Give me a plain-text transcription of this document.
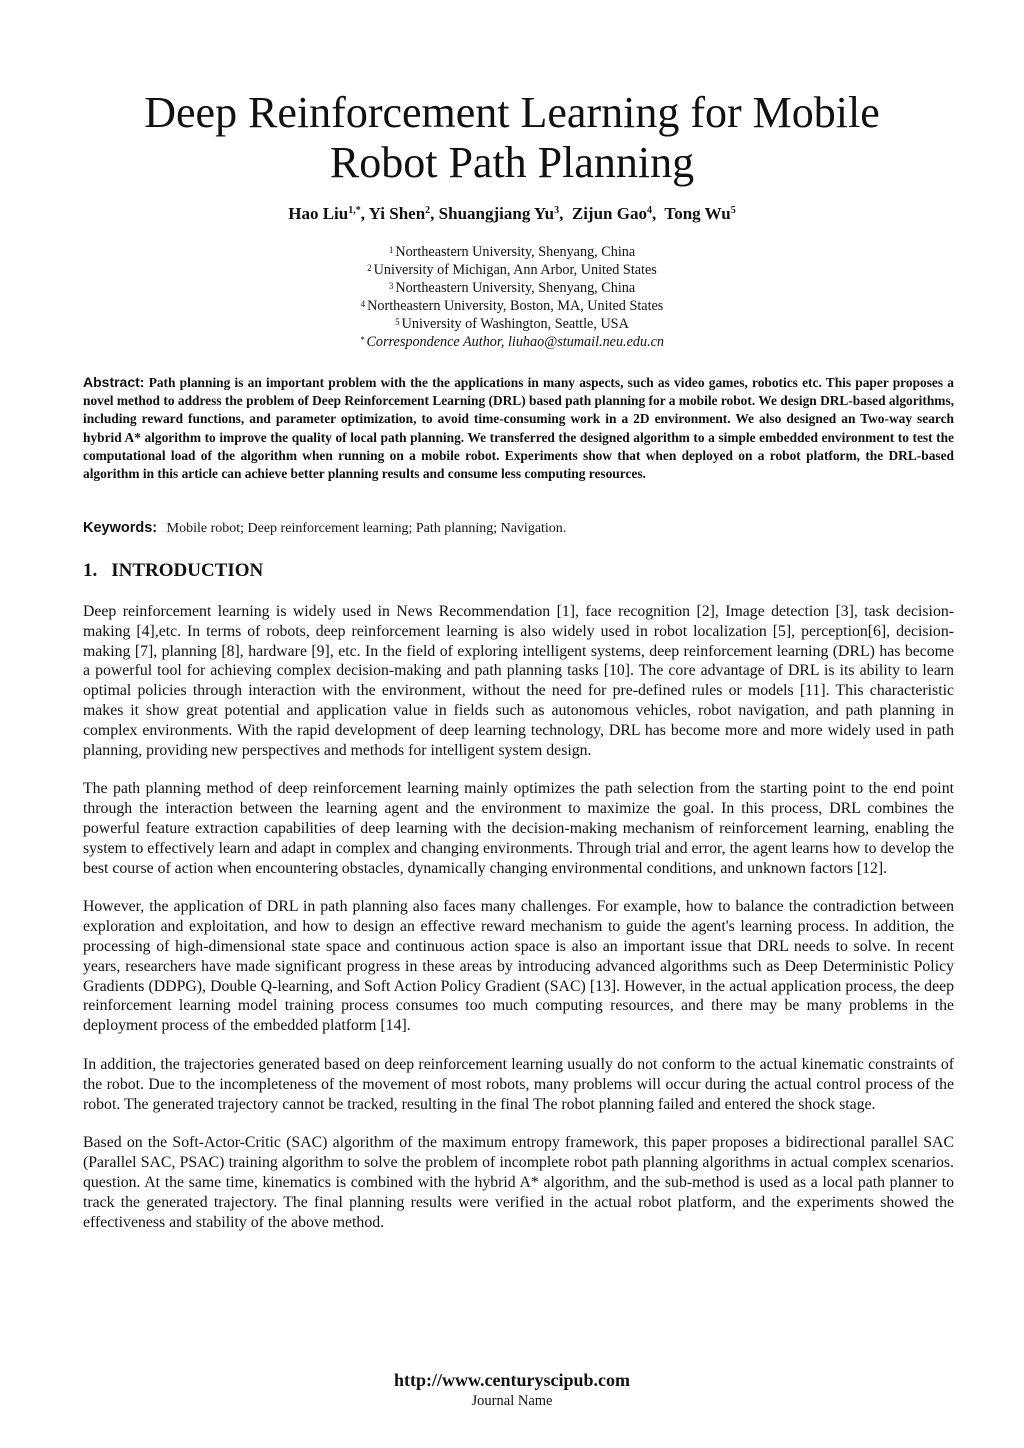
Deep Reinforcement Learning for Mobile
Robot Path Planning
Hao Liu$^{1,*}$, Yi Shen$^2$, Shuangjiang Yu$^3$,  Zijun Gao$^4$,  Tong Wu$^5$
$^1$ Northeastern University, Shenyang, China
$^2$ University of Michigan, Ann Arbor, United States
$^3$ Northeastern University, Shenyang, China
$^4$ Northeastern University, Boston, MA, United States
$^5$ University of Washington, Seattle, USA
* Correspondence Author, liuhao@stumail.neu.edu.cn
Abstract: Path planning is an important problem with the the applications in many aspects, such as video games, robotics etc. This paper proposes a novel method to address the problem of Deep Reinforcement Learning (DRL) based path planning for a mobile robot. We design DRL-based algorithms, including reward functions, and parameter optimization, to avoid time-consuming work in a 2D environment. We also designed an Two-way search hybrid A* algorithm to improve the quality of local path planning. We transferred the designed algorithm to a simple embedded environment to test the computational load of the algorithm when running on a mobile robot. Experiments show that when deployed on a robot platform, the DRL-based algorithm in this article can achieve better planning results and consume less computing resources.
Keywords: Mobile robot; Deep reinforcement learning; Path planning; Navigation.
1. INTRODUCTION

Deep reinforcement learning is widely used in News Recommendation [1], face recognition [2], Image detection [3], task decision-making [4],etc. In terms of robots, deep reinforcement learning is also widely used in robot localization [5], perception[6], decision-making [7], planning [8], hardware [9], etc. In the field of exploring intelligent systems, deep reinforcement learning (DRL) has become a powerful tool for achieving complex decision-making and path planning tasks [10]. The core advantage of DRL is its ability to learn optimal policies through interaction with the environment, without the need for pre-defined rules or models [11]. This characteristic makes it show great potential and application value in fields such as autonomous vehicles, robot navigation, and path planning in complex environments. With the rapid development of deep learning technology, DRL has become more and more widely used in path planning, providing new perspectives and methods for intelligent system design.

The path planning method of deep reinforcement learning mainly optimizes the path selection from the starting point to the end point through the interaction between the learning agent and the environment to maximize the goal. In this process, DRL combines the powerful feature extraction capabilities of deep learning with the decision-making mechanism of reinforcement learning, enabling the system to effectively learn and adapt in complex and changing environments. Through trial and error, the agent learns how to develop the best course of action when encountering obstacles, dynamically changing environmental conditions, and unknown factors [12].

However, the application of DRL in path planning also faces many challenges. For example, how to balance the contradiction between exploration and exploitation, and how to design an effective reward mechanism to guide the agent's learning process. In addition, the processing of high-dimensional state space and continuous action space is also an important issue that DRL needs to solve. In recent years, researchers have made significant progress in these areas by introducing advanced algorithms such as Deep Deterministic Policy Gradients (DDPG), Double Q-learning, and Soft Action Policy Gradient (SAC) [13]. However, in the actual application process, the deep reinforcement learning model training process consumes too much computing resources, and there may be many problems in the deployment process of the embedded platform [14].

In addition, the trajectories generated based on deep reinforcement learning usually do not conform to the actual kinematic constraints of the robot. Due to the incompleteness of the movement of most robots, many problems will occur during the actual control process of the robot. The generated trajectory cannot be tracked, resulting in the final The robot planning failed and entered the shock stage.

Based on the Soft-Actor-Critic (SAC) algorithm of the maximum entropy framework, this paper proposes a bidirectional parallel SAC (Parallel SAC, PSAC) training algorithm to solve the problem of incomplete robot path planning algorithms in actual complex scenarios. question. At the same time, kinematics is combined with the hybrid A* algorithm, and the sub-method is used as a local path planner to track the generated trajectory. The final planning results were verified in the actual robot platform, and the experiments showed the effectiveness and stability of the above method.

http://www.centuryscipub.com
Journal Name
